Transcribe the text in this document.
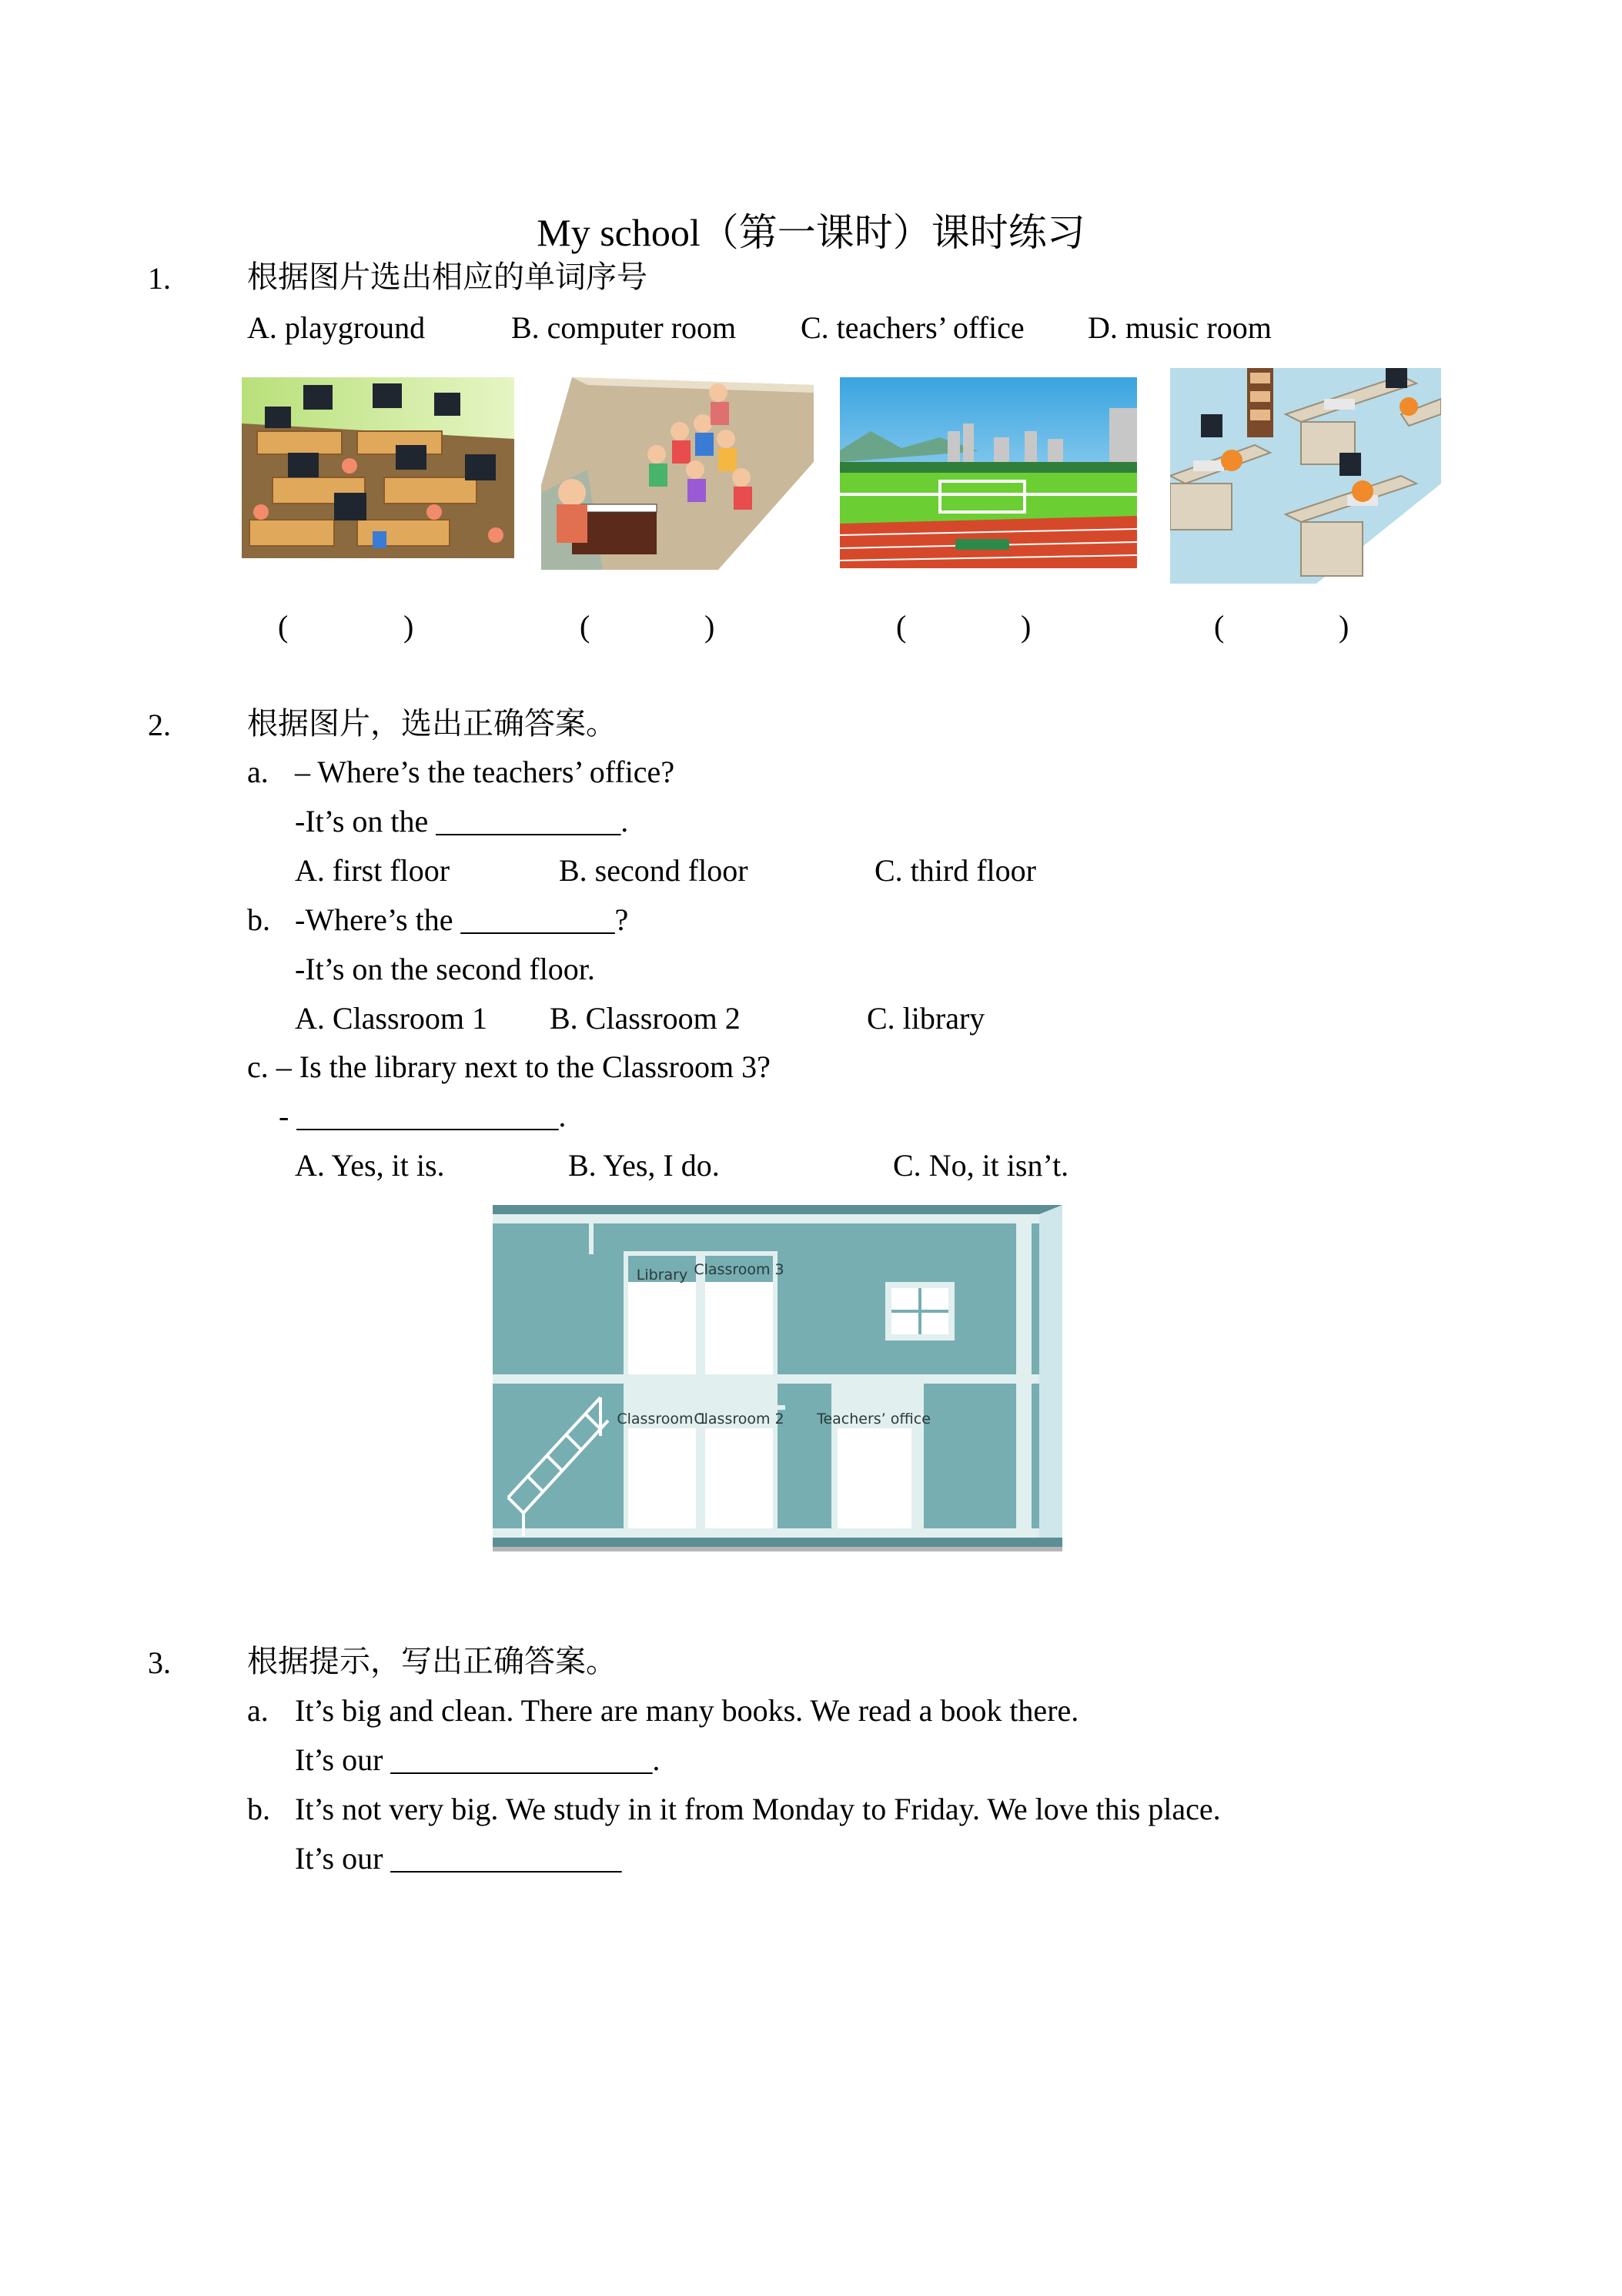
My school（第一课时）课时练习
1. 根据图片选出相应的单词序号
A. playground	B. computer room C. teachers’ office D. music room
(	)	(	)	(	)	(	)
2. 根据图片，选出正确答案。
a. – Where’s the teachers’ office?
-It’s on the ____________.
A. first floor	B. second floor	C. third floor
b. -Where’s the __________?
-It’s on the second floor.
A. Classroom 1 B. Classroom 2	C. library
c. – Is the library next to the Classroom 3?
- _________________.
A. Yes, it is.	B. Yes, I do.	C. No, it isn’t.
Library Classroom 3
Classroom 1
Classroom 2 Teachers’ office
3. 根据提示，写出正确答案。
a. It’s big and clean. There are many books. We read a book there.
It’s our _________________.
b. It’s not very big. We study in it from Monday to Friday. We love this place.
It’s our _______________
